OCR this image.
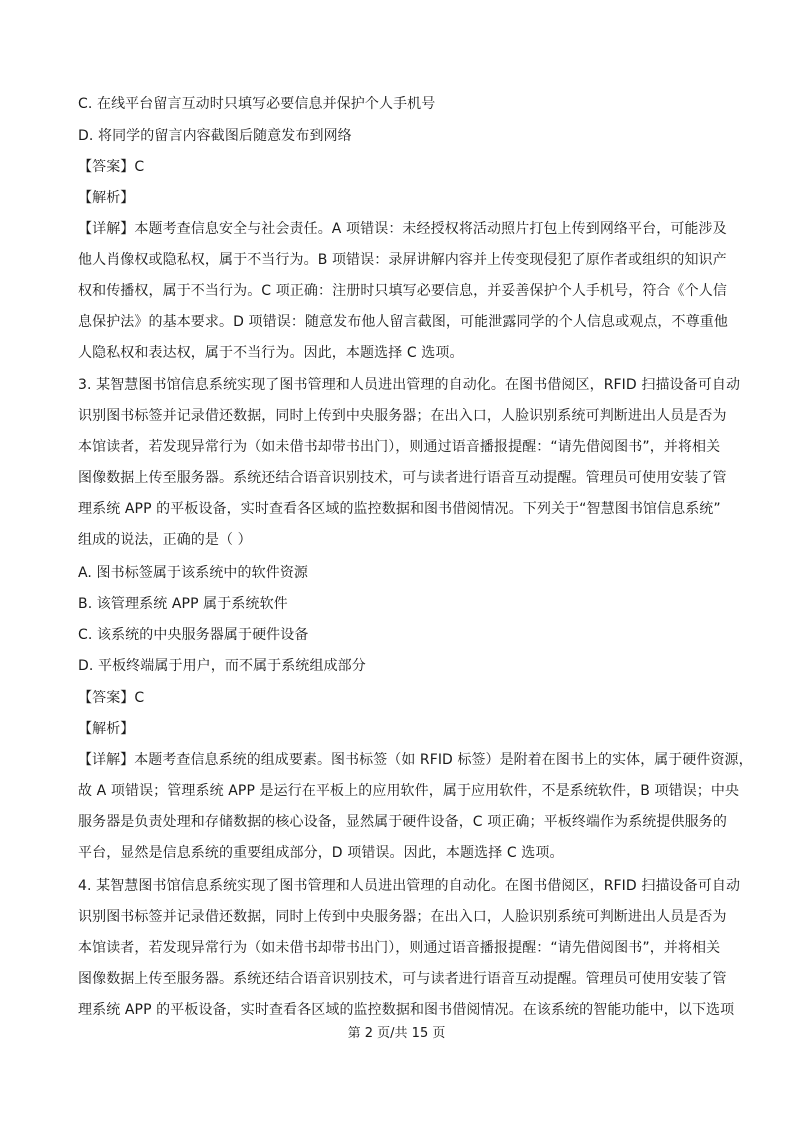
C. 在线平台留言互动时只填写必要信息并保护个人手机号
D. 将同学的留言内容截图后随意发布到网络
【答案】C
【解析】
【详解】本题考查信息安全与社会责任。A 项错误：未经授权将活动照片打包上传到网络平台，可能涉及
他人肖像权或隐私权，属于不当行为。B 项错误：录屏讲解内容并上传变现侵犯了原作者或组织的知识产
权和传播权，属于不当行为。C 项正确：注册时只填写必要信息，并妥善保护个人手机号，符合《个人信
息保护法》的基本要求。D 项错误：随意发布他人留言截图，可能泄露同学的个人信息或观点，不尊重他
人隐私权和表达权，属于不当行为。因此，本题选择 C 选项。
3. 某智慧图书馆信息系统实现了图书管理和人员进出管理的自动化。在图书借阅区，RFID 扫描设备可自动
识别图书标签并记录借还数据，同时上传到中央服务器；在出入口，人脸识别系统可判断进出人员是否为
本馆读者，若发现异常行为（如未借书却带书出门），则通过语音播报提醒：“请先借阅图书”，并将相关
图像数据上传至服务器。系统还结合语音识别技术，可与读者进行语音互动提醒。管理员可使用安装了管
理系统 APP 的平板设备，实时查看各区域的监控数据和图书借阅情况。下列关于“智慧图书馆信息系统”
组成的说法，正确的是（ ）
A. 图书标签属于该系统中的软件资源
B. 该管理系统 APP 属于系统软件
C. 该系统的中央服务器属于硬件设备
D. 平板终端属于用户，而不属于系统组成部分
【答案】C
【解析】
【详解】本题考查信息系统的组成要素。图书标签（如 RFID 标签）是附着在图书上的实体，属于硬件资源，
故 A 项错误；管理系统 APP 是运行在平板上的应用软件，属于应用软件，不是系统软件，B 项错误；中央
服务器是负责处理和存储数据的核心设备，显然属于硬件设备，C 项正确；平板终端作为系统提供服务的
平台，显然是信息系统的重要组成部分，D 项错误。因此，本题选择 C 选项。
4. 某智慧图书馆信息系统实现了图书管理和人员进出管理的自动化。在图书借阅区，RFID 扫描设备可自动
识别图书标签并记录借还数据，同时上传到中央服务器；在出入口，人脸识别系统可判断进出人员是否为
本馆读者，若发现异常行为（如未借书却带书出门），则通过语音播报提醒：“请先借阅图书”，并将相关
图像数据上传至服务器。系统还结合语音识别技术，可与读者进行语音互动提醒。管理员可使用安装了管
理系统 APP 的平板设备，实时查看各区域的监控数据和图书借阅情况。在该系统的智能功能中，以下选项
第 2 页/共 15 页
